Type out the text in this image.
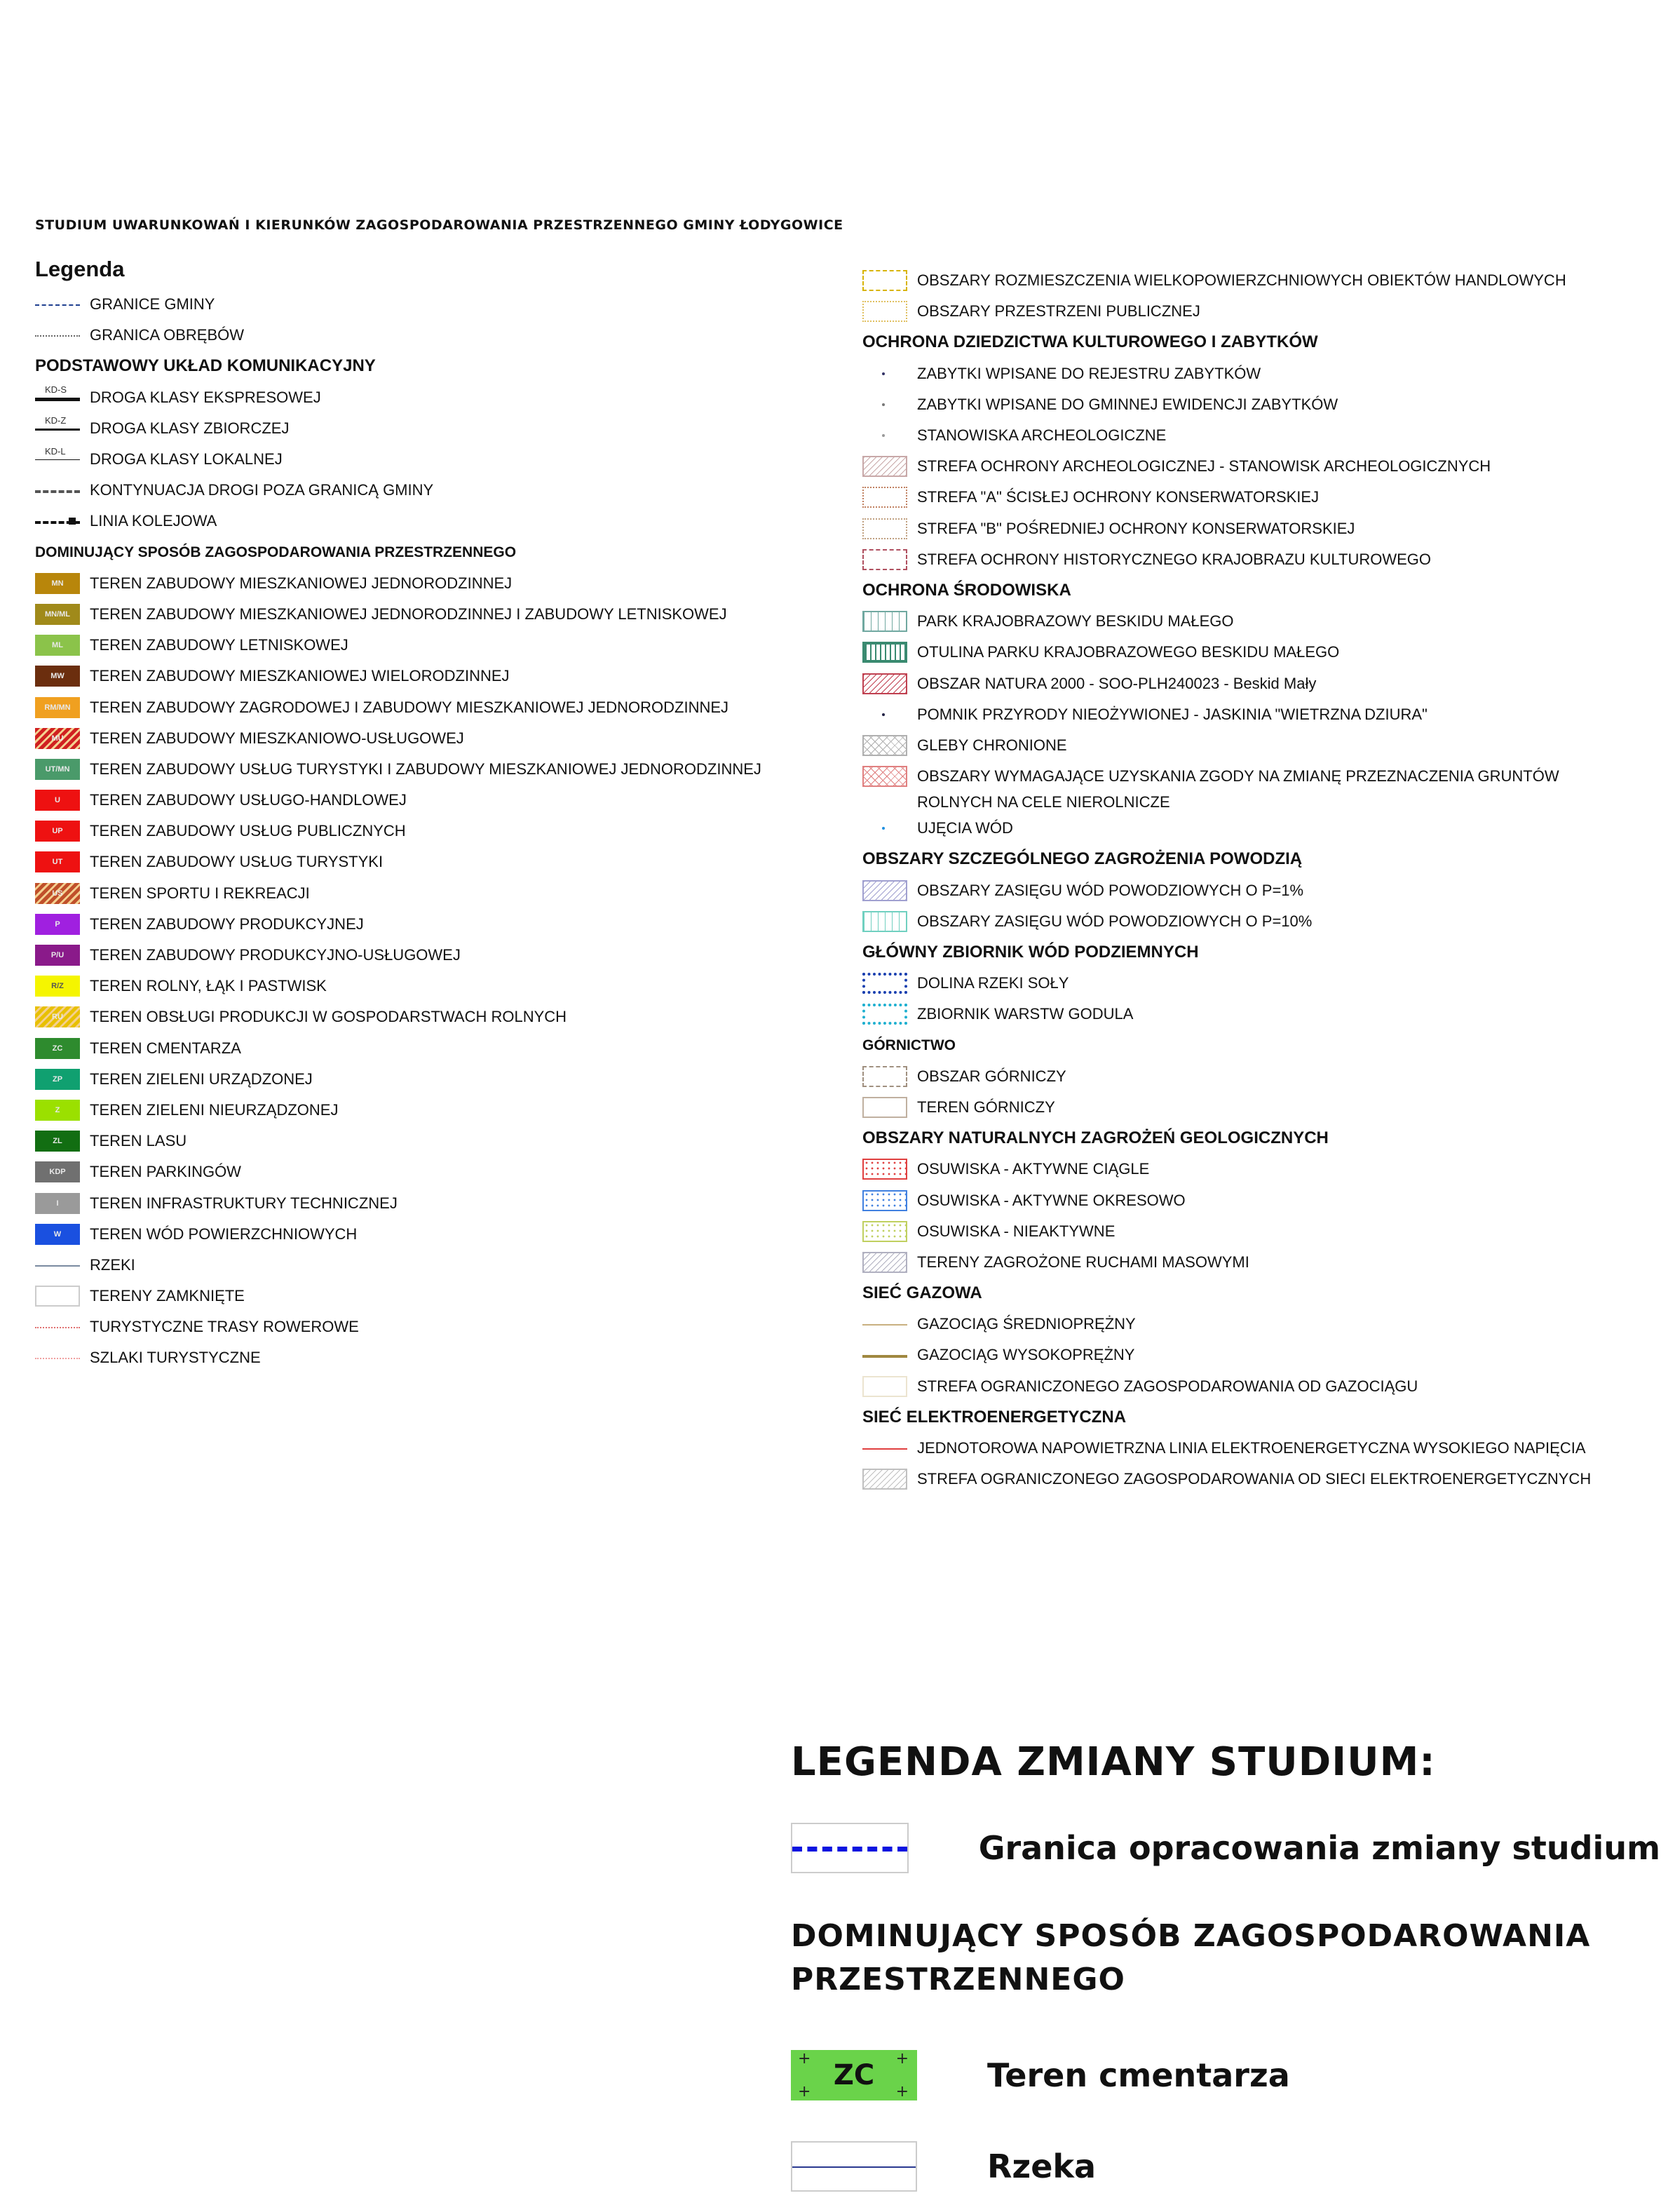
STUDIUM UWARUNKOWAŃ I KIERUNKÓW ZAGOSPODAROWANIA PRZESTRZENNEGO GMINY ŁODYGOWICE
Legenda
GRANICE GMINY
GRANICA OBRĘBÓW
PODSTAWOWY UKŁAD KOMUNIKACYJNY
KD-S DROGA KLASY EKSPRESOWEJ
KD-Z DROGA KLASY ZBIORCZEJ
KD-L DROGA KLASY LOKALNEJ
KONTYNUACJA DROGI POZA GRANICĄ GMINY
LINIA KOLEJOWA
DOMINUJĄCY SPOSÓB ZAGOSPODAROWANIA PRZESTRZENNEGO
MN TEREN ZABUDOWY MIESZKANIOWEJ JEDNORODZINNEJ
MN/ML TEREN ZABUDOWY MIESZKANIOWEJ JEDNORODZINNEJ I ZABUDOWY LETNISKOWEJ
ML TEREN ZABUDOWY LETNISKOWEJ
MW TEREN ZABUDOWY MIESZKANIOWEJ WIELORODZINNEJ
RM/MN TEREN ZABUDOWY ZAGRODOWEJ I ZABUDOWY MIESZKANIOWEJ JEDNORODZINNEJ
MU TEREN ZABUDOWY MIESZKANIOWO-USŁUGOWEJ
UT/MN TEREN ZABUDOWY USŁUG TURYSTYKI I ZABUDOWY MIESZKANIOWEJ JEDNORODZINNEJ
U TEREN ZABUDOWY USŁUGO-HANDLOWEJ
UP TEREN ZABUDOWY USŁUG PUBLICZNYCH
UT TEREN ZABUDOWY USŁUG TURYSTYKI
US TEREN SPORTU I REKREACJI
P TEREN ZABUDOWY PRODUKCYJNEJ
P/U TEREN ZABUDOWY PRODUKCYJNO-USŁUGOWEJ
R/Z TEREN ROLNY, ŁĄK I PASTWISK
RU TEREN OBSŁUGI PRODUKCJI W GOSPODARSTWACH ROLNYCH
ZC TEREN CMENTARZA
ZP TEREN ZIELENI URZĄDZONEJ
Z TEREN ZIELENI NIEURZĄDZONEJ
ZL TEREN LASU
KDP TEREN PARKINGÓW
I TEREN INFRASTRUKTURY TECHNICZNEJ
W TEREN WÓD POWIERZCHNIOWYCH
RZEKI
TERENY ZAMKNIĘTE
TURYSTYCZNE TRASY ROWEROWE
SZLAKI TURYSTYCZNE
OBSZARY ROZMIESZCZENIA WIELKOPOWIERZCHNIOWYCH OBIEKTÓW HANDLOWYCH
OBSZARY PRZESTRZENI PUBLICZNEJ
OCHRONA DZIEDZICTWA KULTUROWEGO I ZABYTKÓW
ZABYTKI WPISANE DO REJESTRU ZABYTKÓW
ZABYTKI WPISANE DO GMINNEJ EWIDENCJI ZABYTKÓW
STANOWISKA ARCHEOLOGICZNE
STREFA OCHRONY ARCHEOLOGICZNEJ - STANOWISK ARCHEOLOGICZNYCH
STREFA "A" ŚCISŁEJ OCHRONY KONSERWATORSKIEJ
STREFA "B" POŚREDNIEJ OCHRONY KONSERWATORSKIEJ
STREFA OCHRONY HISTORYCZNEGO KRAJOBRAZU KULTUROWEGO
OCHRONA ŚRODOWISKA
PARK KRAJOBRAZOWY BESKIDU MAŁEGO
OTULINA PARKU KRAJOBRAZOWEGO BESKIDU MAŁEGO
OBSZAR NATURA 2000 - SOO-PLH240023 - Beskid Mały
POMNIK PRZYRODY NIEOŻYWIONEJ - JASKINIA "WIETRZNA DZIURA"
GLEBY CHRONIONE
OBSZARY WYMAGAJĄCE UZYSKANIA ZGODY NA ZMIANĘ PRZEZNACZENIA GRUNTÓW
ROLNYCH NA CELE NIEROLNICZE
UJĘCIA WÓD
OBSZARY SZCZEGÓLNEGO ZAGROŻENIA POWODZIĄ
OBSZARY ZASIĘGU WÓD POWODZIOWYCH O P=1%
OBSZARY ZASIĘGU WÓD POWODZIOWYCH O P=10%
GŁÓWNY ZBIORNIK WÓD PODZIEMNYCH
DOLINA RZEKI SOŁY
ZBIORNIK WARSTW GODULA
GÓRNICTWO
OBSZAR GÓRNICZY
TEREN GÓRNICZY
OBSZARY NATURALNYCH ZAGROŻEŃ GEOLOGICZNYCH
OSUWISKA - AKTYWNE CIĄGLE
OSUWISKA - AKTYWNE OKRESOWO
OSUWISKA - NIEAKTYWNE
TERENY ZAGROŻONE RUCHAMI MASOWYMI
SIEĆ GAZOWA
GAZOCIĄG ŚREDNIOPRĘŻNY
GAZOCIĄG WYSOKOPRĘŻNY
STREFA OGRANICZONEGO ZAGOSPODAROWANIA OD GAZOCIĄGU
SIEĆ ELEKTROENERGETYCZNA
JEDNOTOROWA NAPOWIETRZNA LINIA ELEKTROENERGETYCZNA WYSOKIEGO NAPIĘCIA
STREFA OGRANICZONEGO ZAGOSPODAROWANIA OD SIECI ELEKTROENERGETYCZNYCH
LEGENDA ZMIANY STUDIUM:
Granica opracowania zmiany studium
DOMINUJĄCY SPOSÓB ZAGOSPODAROWANIA PRZESTRZENNEGO
+	+
+	+
ZC	Teren cmentarza
Rzeka
